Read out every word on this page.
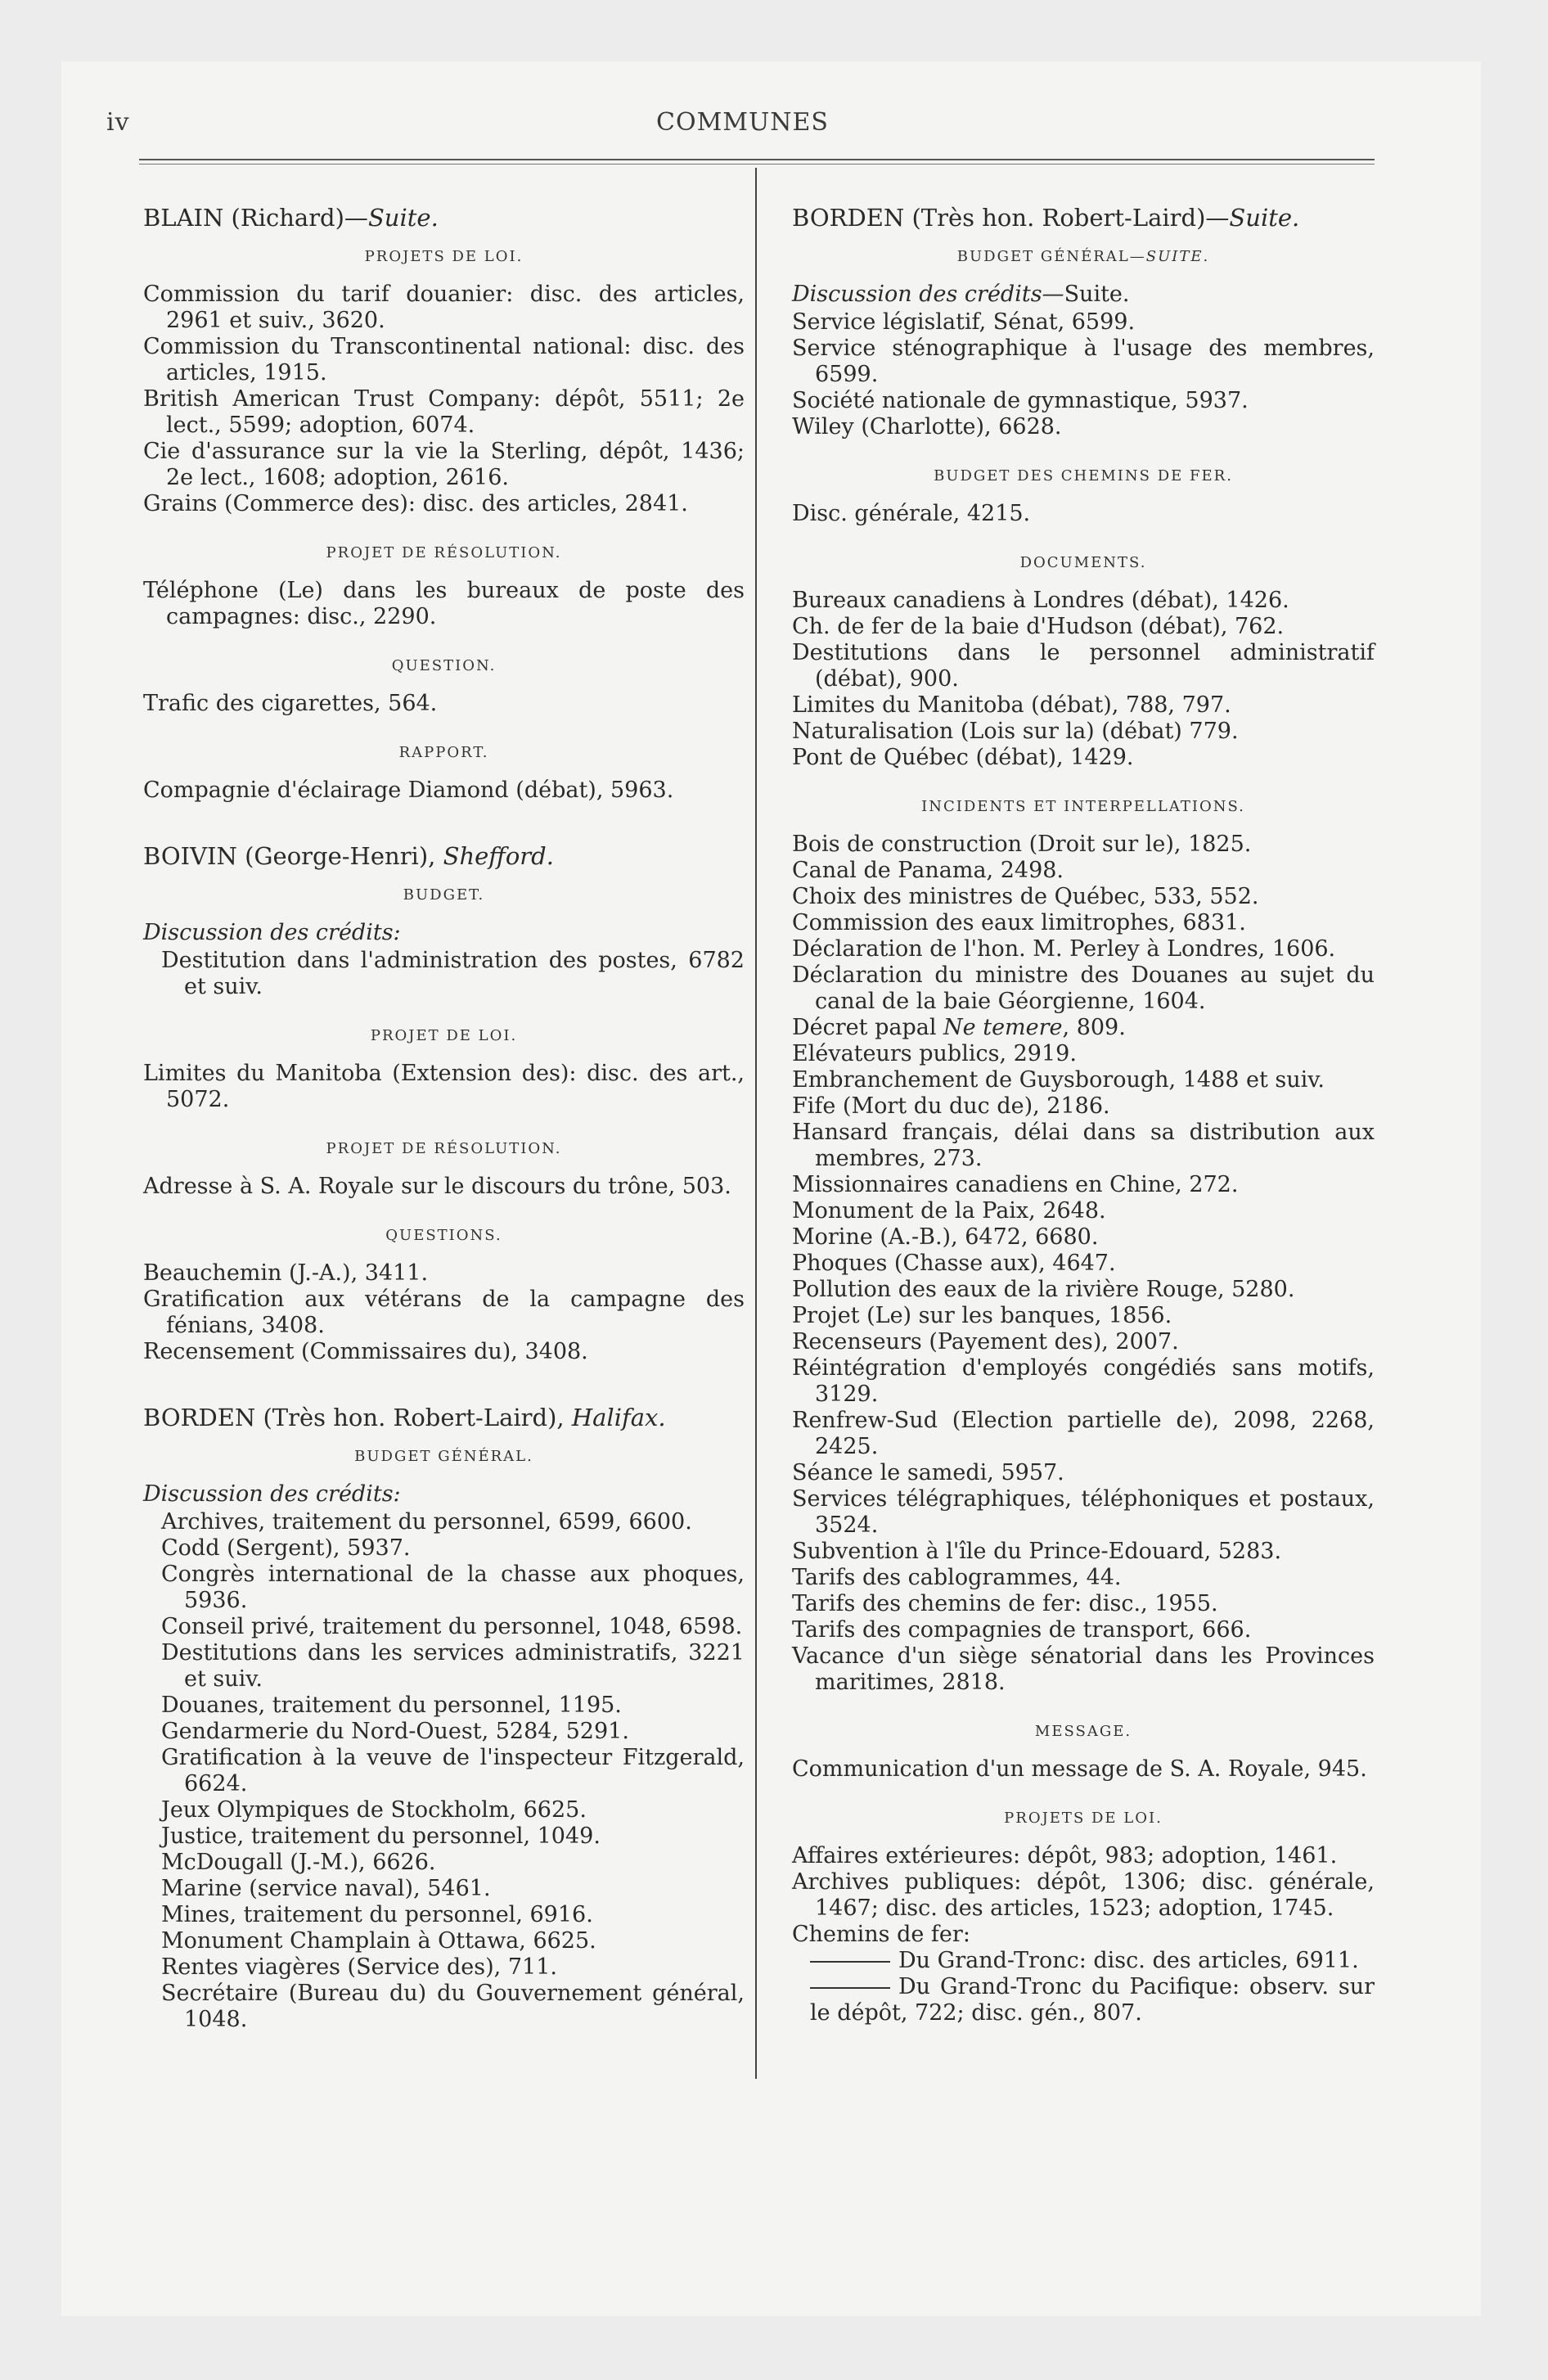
iv	COMMUNES

BLAIN (Richard)—Suite.

PROJETS DE LOI.

Commission du tarif douanier: disc. des articles, 2961 et suiv., 3620.

Commission du Transcontinental national: disc. des articles, 1915.

British American Trust Company: dépôt, 5511; 2e lect., 5599; adoption, 6074.

Cie d'assurance sur la vie la Sterling, dépôt, 1436; 2e lect., 1608; adoption, 2616.

Grains (Commerce des): disc. des articles, 2841.

PROJET DE RÉSOLUTION.

Téléphone (Le) dans les bureaux de poste des campagnes: disc., 2290.

QUESTION.

Trafic des cigarettes, 564.

RAPPORT.

Compagnie d'éclairage Diamond (débat), 5963.

BOIVIN (George-Henri), Shefford.

BUDGET.

Discussion des crédits:

Destitution dans l'administration des postes, 6782 et suiv.

PROJET DE LOI.

Limites du Manitoba (Extension des): disc. des art., 5072.

PROJET DE RÉSOLUTION.

Adresse à S. A. Royale sur le discours du trône, 503.

QUESTIONS.

Beauchemin (J.-A.), 3411.

Gratification aux vétérans de la campagne des fénians, 3408.

Recensement (Commissaires du), 3408.

BORDEN (Très hon. Robert-Laird), Halifax.

BUDGET GÉNÉRAL.

Discussion des crédits:

Archives, traitement du personnel, 6599, 6600.

Codd (Sergent), 5937.

Congrès international de la chasse aux phoques, 5936.

Conseil privé, traitement du personnel, 1048, 6598.

Destitutions dans les services administratifs, 3221 et suiv.

Douanes, traitement du personnel, 1195.

Gendarmerie du Nord-Ouest, 5284, 5291.

Gratification à la veuve de l'inspecteur Fitzgerald, 6624.

Jeux Olympiques de Stockholm, 6625.

Justice, traitement du personnel, 1049.

McDougall (J.-M.), 6626.

Marine (service naval), 5461.

Mines, traitement du personnel, 6916.

Monument Champlain à Ottawa, 6625.

Rentes viagères (Service des), 711.

Secrétaire (Bureau du) du Gouvernement général, 1048.

BORDEN (Très hon. Robert-Laird)—Suite.

BUDGET GÉNÉRAL—SUITE.

Discussion des crédits—Suite.

Service législatif, Sénat, 6599.

Service sténographique à l'usage des membres, 6599.

Société nationale de gymnastique, 5937.

Wiley (Charlotte), 6628.

BUDGET DES CHEMINS DE FER.

Disc. générale, 4215.

DOCUMENTS.

Bureaux canadiens à Londres (débat), 1426.

Ch. de fer de la baie d'Hudson (débat), 762.

Destitutions dans le personnel administratif (débat), 900.

Limites du Manitoba (débat), 788, 797.

Naturalisation (Lois sur la) (débat) 779.

Pont de Québec (débat), 1429.

INCIDENTS ET INTERPELLATIONS.

Bois de construction (Droit sur le), 1825.

Canal de Panama, 2498.

Choix des ministres de Québec, 533, 552.

Commission des eaux limitrophes, 6831.

Déclaration de l'hon. M. Perley à Londres, 1606.

Déclaration du ministre des Douanes au sujet du canal de la baie Géorgienne, 1604.

Décret papal Ne temere, 809.

Elévateurs publics, 2919.

Embranchement de Guysborough, 1488 et suiv.

Fife (Mort du duc de), 2186.

Hansard français, délai dans sa distribution aux membres, 273.

Missionnaires canadiens en Chine, 272.

Monument de la Paix, 2648.

Morine (A.-B.), 6472, 6680.

Phoques (Chasse aux), 4647.

Pollution des eaux de la rivière Rouge, 5280.

Projet (Le) sur les banques, 1856.

Recenseurs (Payement des), 2007.

Réintégration d'employés congédiés sans motifs, 3129.

Renfrew-Sud (Election partielle de), 2098, 2268, 2425.

Séance le samedi, 5957.

Services télégraphiques, téléphoniques et postaux, 3524.

Subvention à l'île du Prince-Edouard, 5283.

Tarifs des cablogrammes, 44.

Tarifs des chemins de fer: disc., 1955.

Tarifs des compagnies de transport, 666.

Vacance d'un siège sénatorial dans les Provinces maritimes, 2818.

MESSAGE.

Communication d'un message de S. A. Royale, 945.

PROJETS DE LOI.

Affaires extérieures: dépôt, 983; adoption, 1461.

Archives publiques: dépôt, 1306; disc. générale, 1467; disc. des articles, 1523; adoption, 1745.

Chemins de fer:

Du Grand-Tronc: disc. des articles, 6911.

Du Grand-Tronc du Pacifique: observ. sur le dépôt, 722; disc. gén., 807.
